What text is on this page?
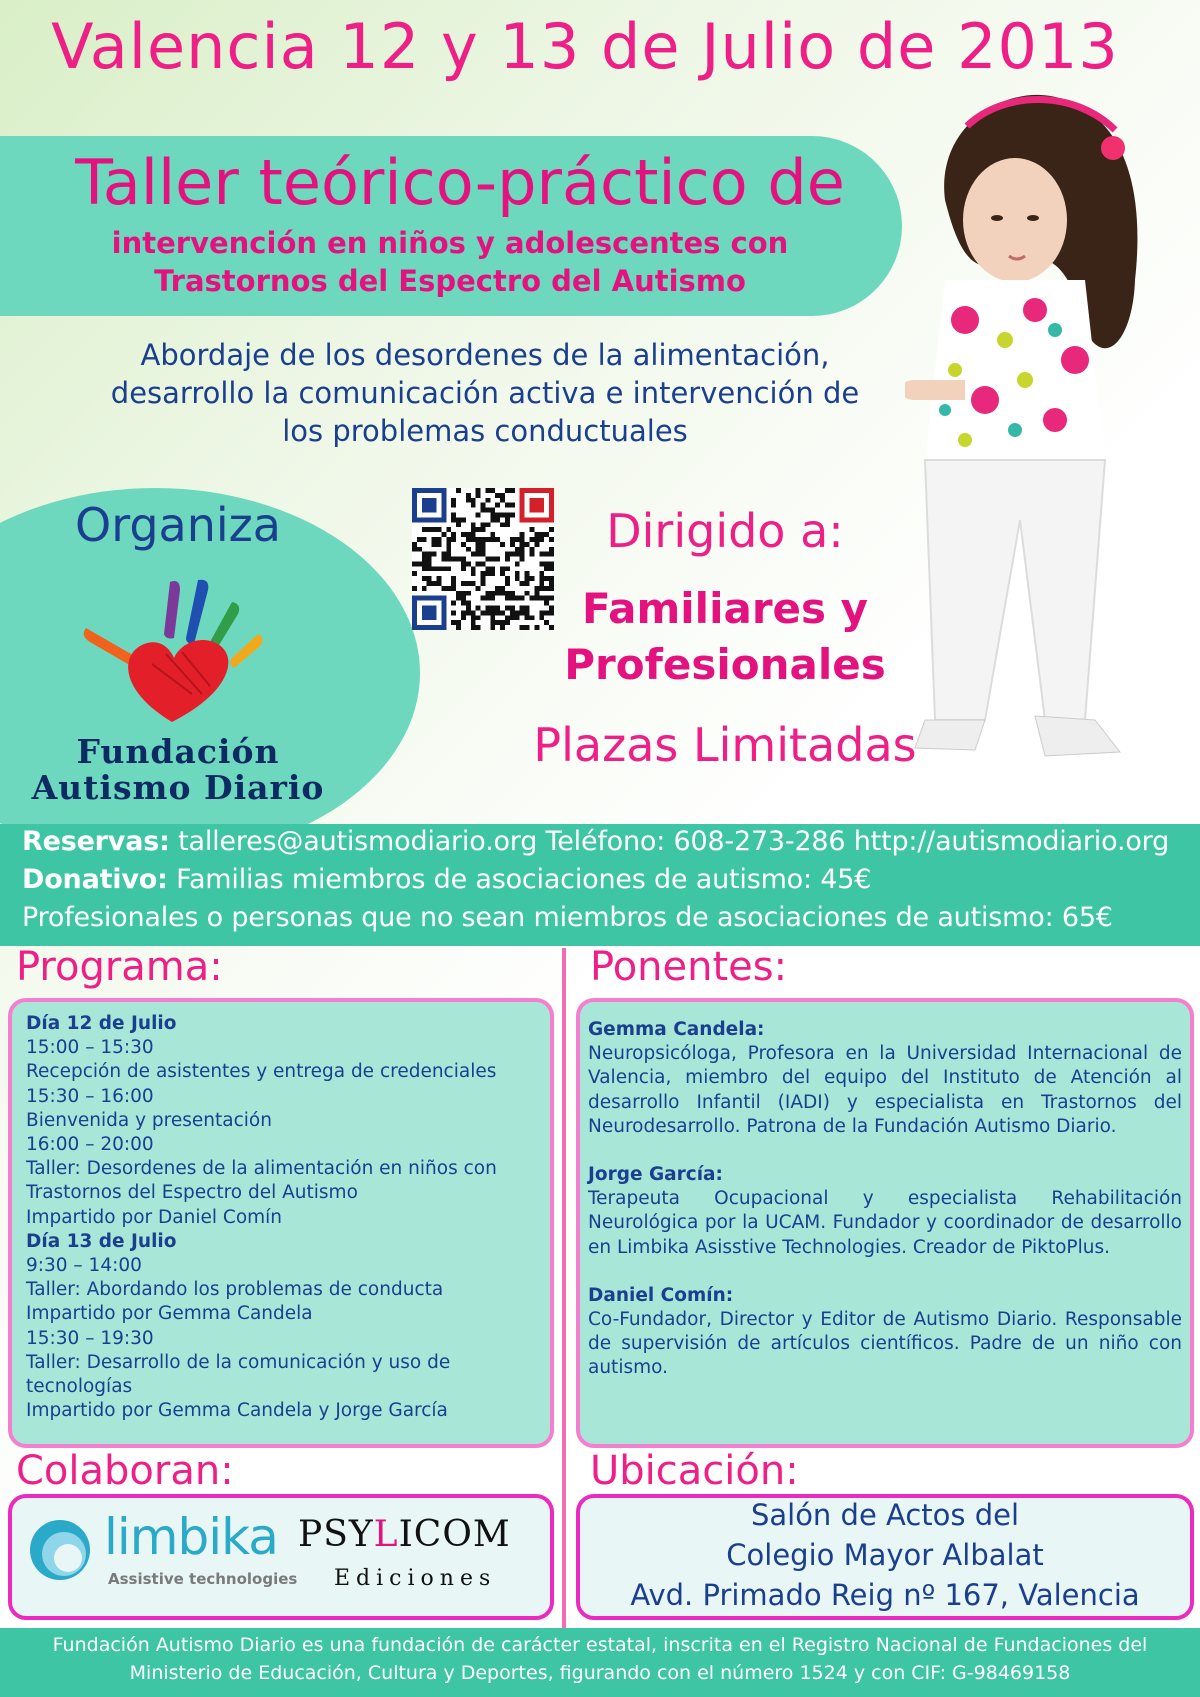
Valencia 12 y 13 de Julio de 2013
Taller teórico-práctico de
intervención en niños y adolescentes con
Trastornos del Espectro del Autismo
Abordaje de los desordenes de la alimentación,
desarrollo la comunicación activa e intervención de
los problemas conductuales
Organiza
Fundación
Autismo Diario
Dirigido a:
Familiares y
Profesionales
Plazas Limitadas
Reservas: talleres@autismodiario.org Teléfono: 608-273-286 http://autismodiario.org
Donativo: Familias miembros de asociaciones de autismo: 45€
Profesionales o personas que no sean miembros de asociaciones de autismo: 65€
Programa:
Día 12 de Julio
15:00 – 15:30
Recepción de asistentes y entrega de credenciales
15:30 – 16:00
Bienvenida y presentación
16:00 – 20:00
Taller: Desordenes de la alimentación en niños con
Trastornos del Espectro del Autismo
Impartido por Daniel Comín
Día 13 de Julio
9:30 – 14:00
Taller: Abordando los problemas de conducta
Impartido por Gemma Candela
15:30 – 19:30
Taller: Desarrollo de la comunicación y uso de
tecnologías
Impartido por Gemma Candela y Jorge García
Ponentes:
Gemma Candela:
Neuropsicóloga, Profesora en la Universidad Internacional de Valencia, miembro del equipo del Instituto de Atención al desarrollo Infantil (IADI) y especialista en Trastornos del Neurodesarrollo. Patrona de la Fundación Autismo Diario.
Jorge García:
Terapeuta Ocupacional y especialista Rehabilitación Neurológica por la UCAM. Fundador y coordinador de desarrollo en Limbika Asisstive Technologies. Creador de PiktoPlus.
Daniel Comín:
Co-Fundador, Director y Editor de Autismo Diario. Responsable de supervisión de artículos científicos. Padre de un niño con autismo.
Colaboran:
limbika
Assistive technologies
PSYLICOM
Ediciones
Ubicación:
Salón de Actos del
Colegio Mayor Albalat
Avd. Primado Reig nº 167, Valencia
Fundación Autismo Diario es una fundación de carácter estatal, inscrita en el Registro Nacional de Fundaciones del
Ministerio de Educación, Cultura y Deportes, figurando con el número 1524 y con CIF: G-98469158
